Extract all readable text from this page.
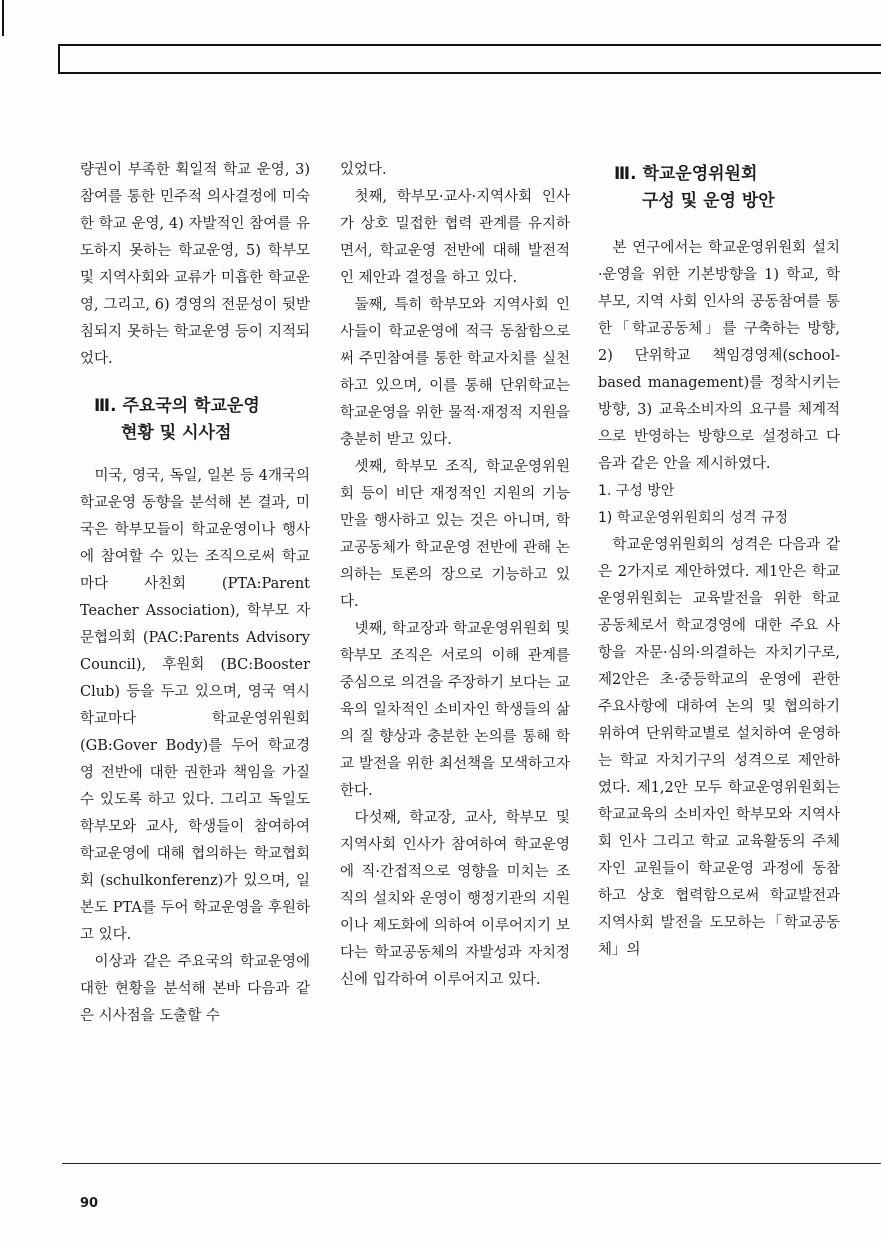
량권이 부족한 획일적 학교 운영, 3) 참여를 통한 민주적 의사결정에 미숙한 학교 운영, 4) 자발적인 참여를 유도하지 못하는 학교운영, 5) 학부모 및 지역사회와 교류가 미흡한 학교운영, 그리고, 6) 경영의 전문성이 뒷받침되지 못하는 학교운영 등이 지적되었다.

Ⅲ. 주요국의 학교운영
현황 및 시사점

미국, 영국, 독일, 일본 등 4개국의 학교운영 동향을 분석해 본 결과, 미국은 학부모들이 학교운영이나 행사에 참여할 수 있는 조직으로써 학교마다 사친회 (PTA:Parent Teacher Association), 학부모 자문협의회 (PAC:Parents Advisory Council), 후원회 (BC:Booster Club) 등을 두고 있으며, 영국 역시 학교마다 학교운영위원회 (GB:Gover Body)를 두어 학교경영 전반에 대한 권한과 책임을 가질 수 있도록 하고 있다. 그리고 독일도 학부모와 교사, 학생들이 참여하여 학교운영에 대해 협의하는 학교협회회 (schulkonferenz)가 있으며, 일본도 PTA를 두어 학교운영을 후원하고 있다.

이상과 같은 주요국의 학교운영에 대한 현황을 분석해 본바 다음과 같은 시사점을 도출할 수

있었다.

첫째, 학부모·교사·지역사회 인사가 상호 밀접한 협력 관계를 유지하면서, 학교운영 전반에 대해 발전적인 제안과 결정을 하고 있다.

둘째, 특히 학부모와 지역사회 인사들이 학교운영에 적극 동참함으로써 주민참여를 통한 학교자치를 실천하고 있으며, 이를 통해 단위학교는 학교운영을 위한 물적·재정적 지원을 충분히 받고 있다.

셋째, 학부모 조직, 학교운영위원회 등이 비단 재정적인 지원의 기능만을 행사하고 있는 것은 아니며, 학교공동체가 학교운영 전반에 관해 논의하는 토론의 장으로 기능하고 있다.

넷째, 학교장과 학교운영위원회 및 학부모 조직은 서로의 이해 관계를 중심으로 의견을 주장하기 보다는 교육의 일차적인 소비자인 학생들의 삶의 질 향상과 충분한 논의를 통해 학교 발전을 위한 최선책을 모색하고자 한다.

다섯째, 학교장, 교사, 학부모 및 지역사회 인사가 참여하여 학교운영에 직·간접적으로 영향을 미치는 조직의 설치와 운영이 행정기관의 지원이나 제도화에 의하여 이루어지기 보다는 학교공동체의 자발성과 자치정신에 입각하여 이루어지고 있다.

Ⅲ. 학교운영위원회
구성 및 운영 방안

본 연구에서는 학교운영위원회 설치·운영을 위한 기본방향을 1) 학교, 학부모, 지역 사회 인사의 공동참여를 통한「학교공동체」를 구축하는 방향, 2) 단위학교 책임경영제(school-based management)를 정착시키는 방향, 3) 교육소비자의 요구를 체계적으로 반영하는 방향으로 설정하고 다음과 같은 안을 제시하였다.

1. 구성 방안

1) 학교운영위원회의 성격 규정

학교운영위원회의 성격은 다음과 같은 2가지로 제안하였다. 제1안은 학교운영위원회는 교육발전을 위한 학교 공동체로서 학교경영에 대한 주요 사항을 자문·심의·의결하는 자치기구로, 제2안은 초·중등학교의 운영에 관한 주요사항에 대하여 논의 및 협의하기 위하여 단위학교별로 설치하여 운영하는 학교 자치기구의 성격으로 제안하였다. 제1,2안 모두 학교운영위원회는 학교교육의 소비자인 학부모와 지역사회 인사 그리고 학교 교육활동의 주체자인 교원들이 학교운영 과정에 동참하고 상호 협력함으로써 학교발전과 지역사회 발전을 도모하는「학교공동체」의

90
